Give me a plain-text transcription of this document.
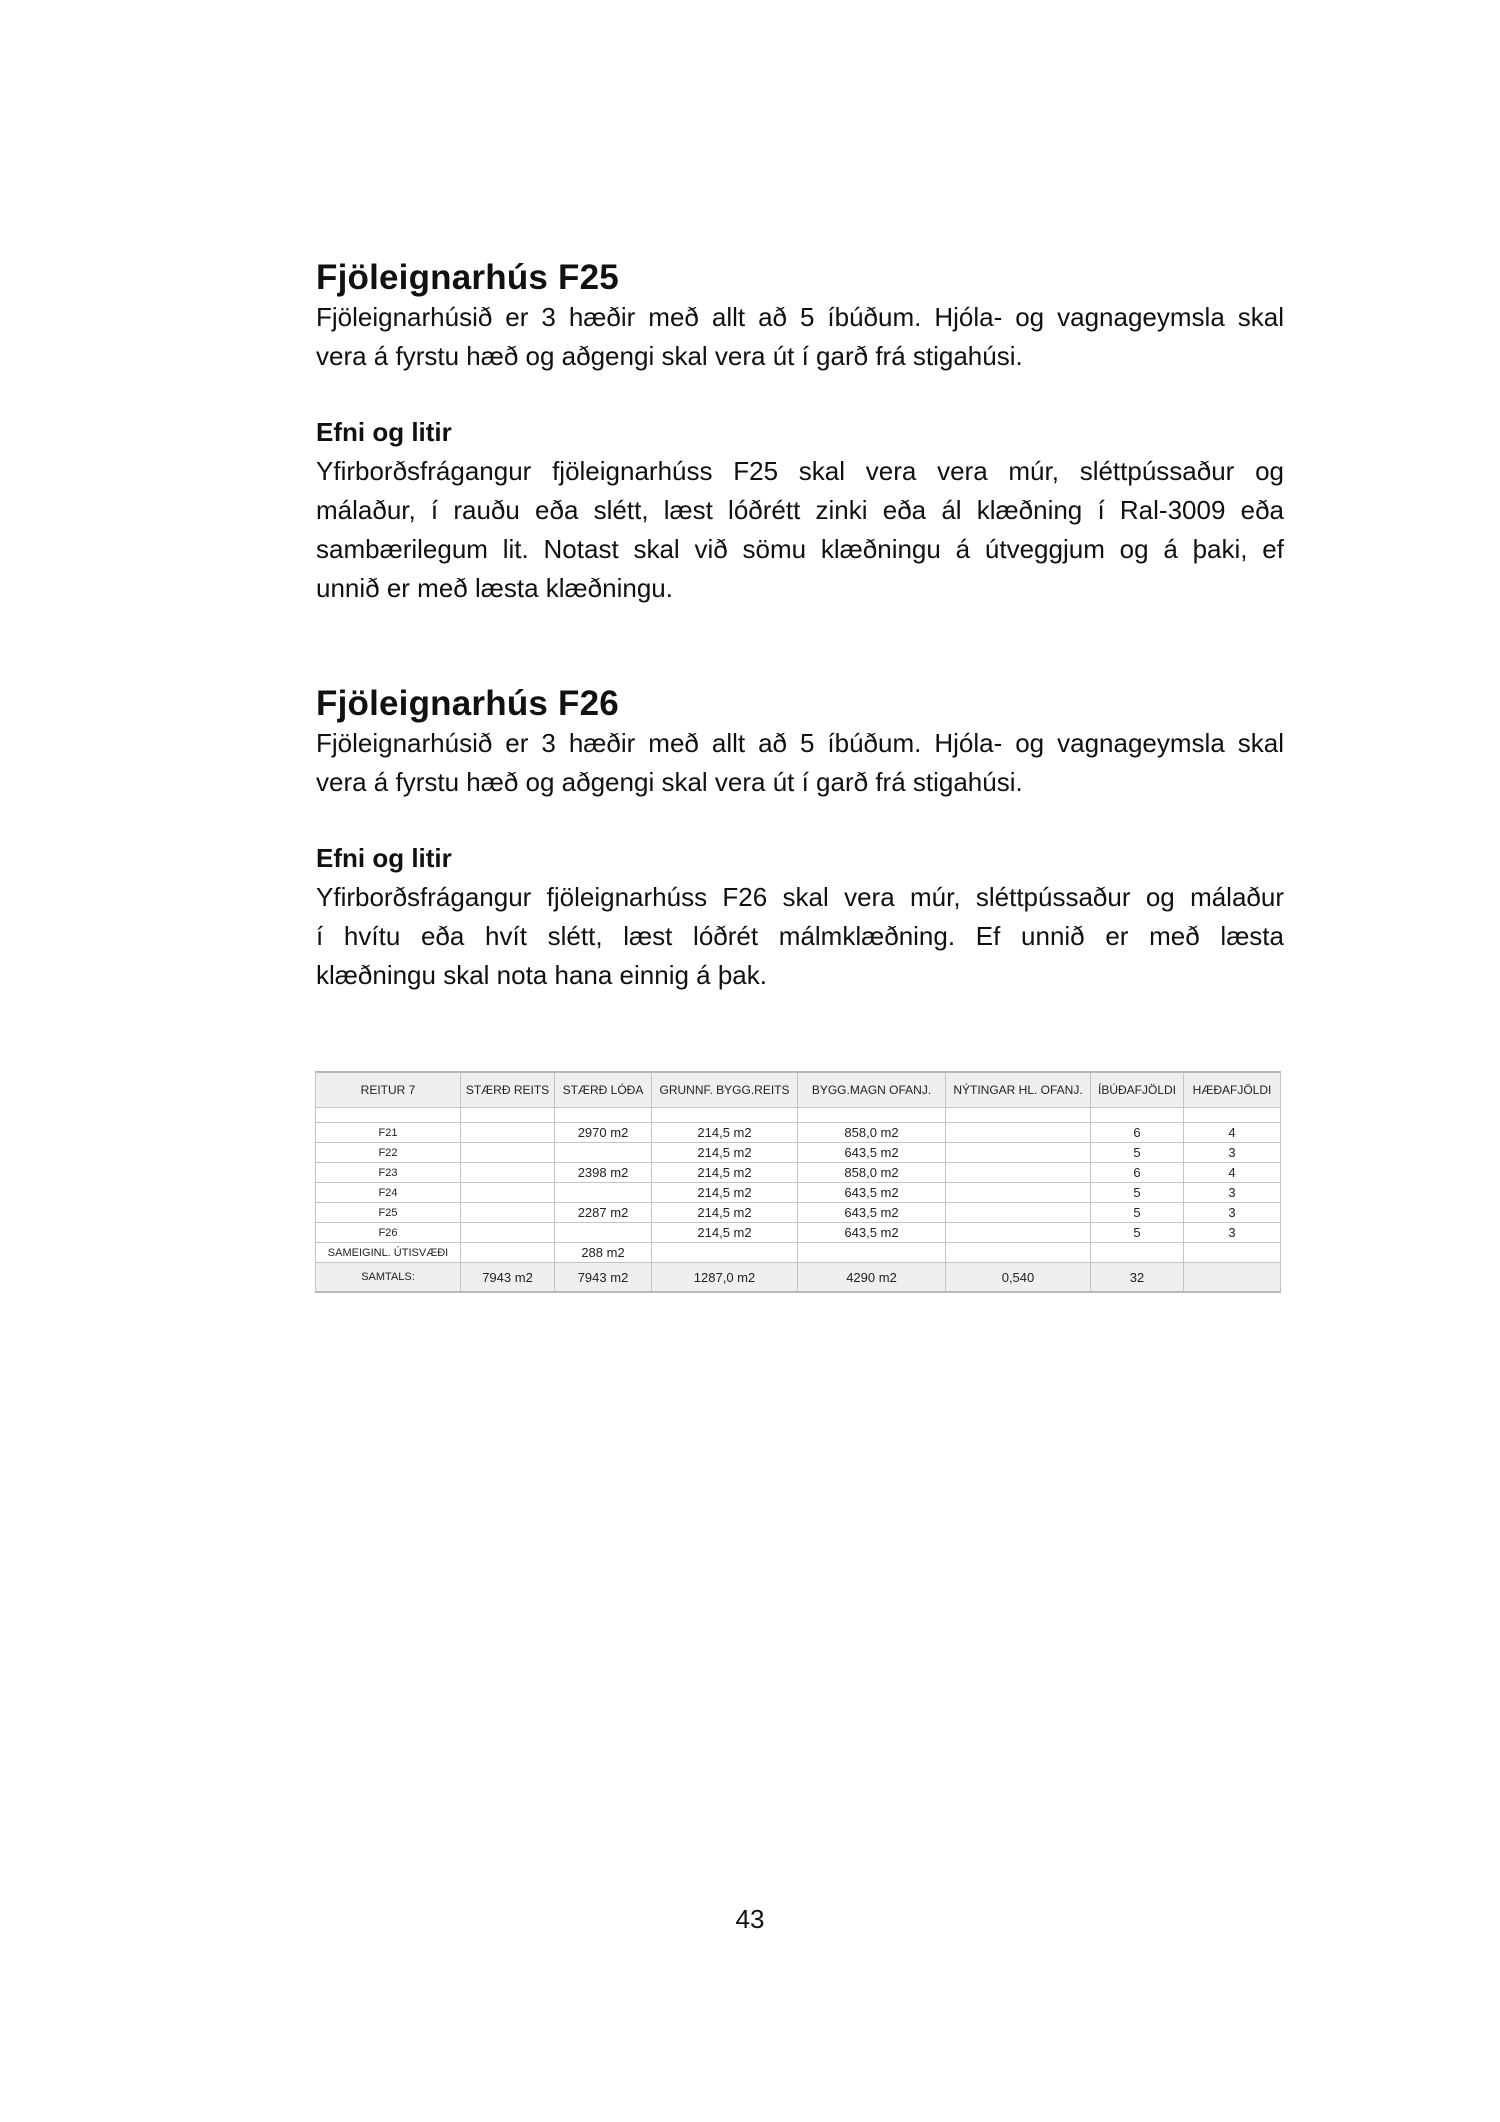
Fjöleignarhús F25

Fjöleignarhúsið er 3 hæðir með allt að 5 íbúðum. Hjóla- og vagnageymsla skal

vera á fyrstu hæð og aðgengi skal vera út í garð frá stigahúsi.

Efni og litir

Yfirborðsfrágangur fjöleignarhúss F25 skal vera vera múr, sléttpússaður og

málaður, í rauðu eða slétt, læst lóðrétt zinki eða ál klæðning í Ral-3009 eða

sambærilegum lit. Notast skal við sömu klæðningu á útveggjum og á þaki, ef

unnið er með læsta klæðningu.

Fjöleignarhús F26

Fjöleignarhúsið er 3 hæðir með allt að 5 íbúðum. Hjóla- og vagnageymsla skal

vera á fyrstu hæð og aðgengi skal vera út í garð frá stigahúsi.

Efni og litir

Yfirborðsfrágangur fjöleignarhúss F26 skal vera múr, sléttpússaður og málaður

í hvítu eða hvít slétt, læst lóðrét málmklæðning. Ef unnið er með læsta

klæðningu skal nota hana einnig á þak.

REITUR 7	STÆRÐ REITS	STÆRÐ LÓÐA	GRUNNF. BYGG.REITS	BYGG.MAGN OFANJ.	NÝTINGAR HL. OFANJ.	ÍBÚÐAFJÖLDI	HÆÐAFJÖLDI

F21		2970 m2	214,5 m2	858,0 m2		6	4
F22			214,5 m2	643,5 m2		5	3
F23		2398 m2	214,5 m2	858,0 m2		6	4
F24			214,5 m2	643,5 m2		5	3
F25		2287 m2	214,5 m2	643,5 m2		5	3
F26			214,5 m2	643,5 m2		5	3
SAMEIGINL. ÚTISVÆÐI		288 m2					
SAMTALS:	7943 m2	7943 m2	1287,0 m2	4290 m2	0,540	32	
43
